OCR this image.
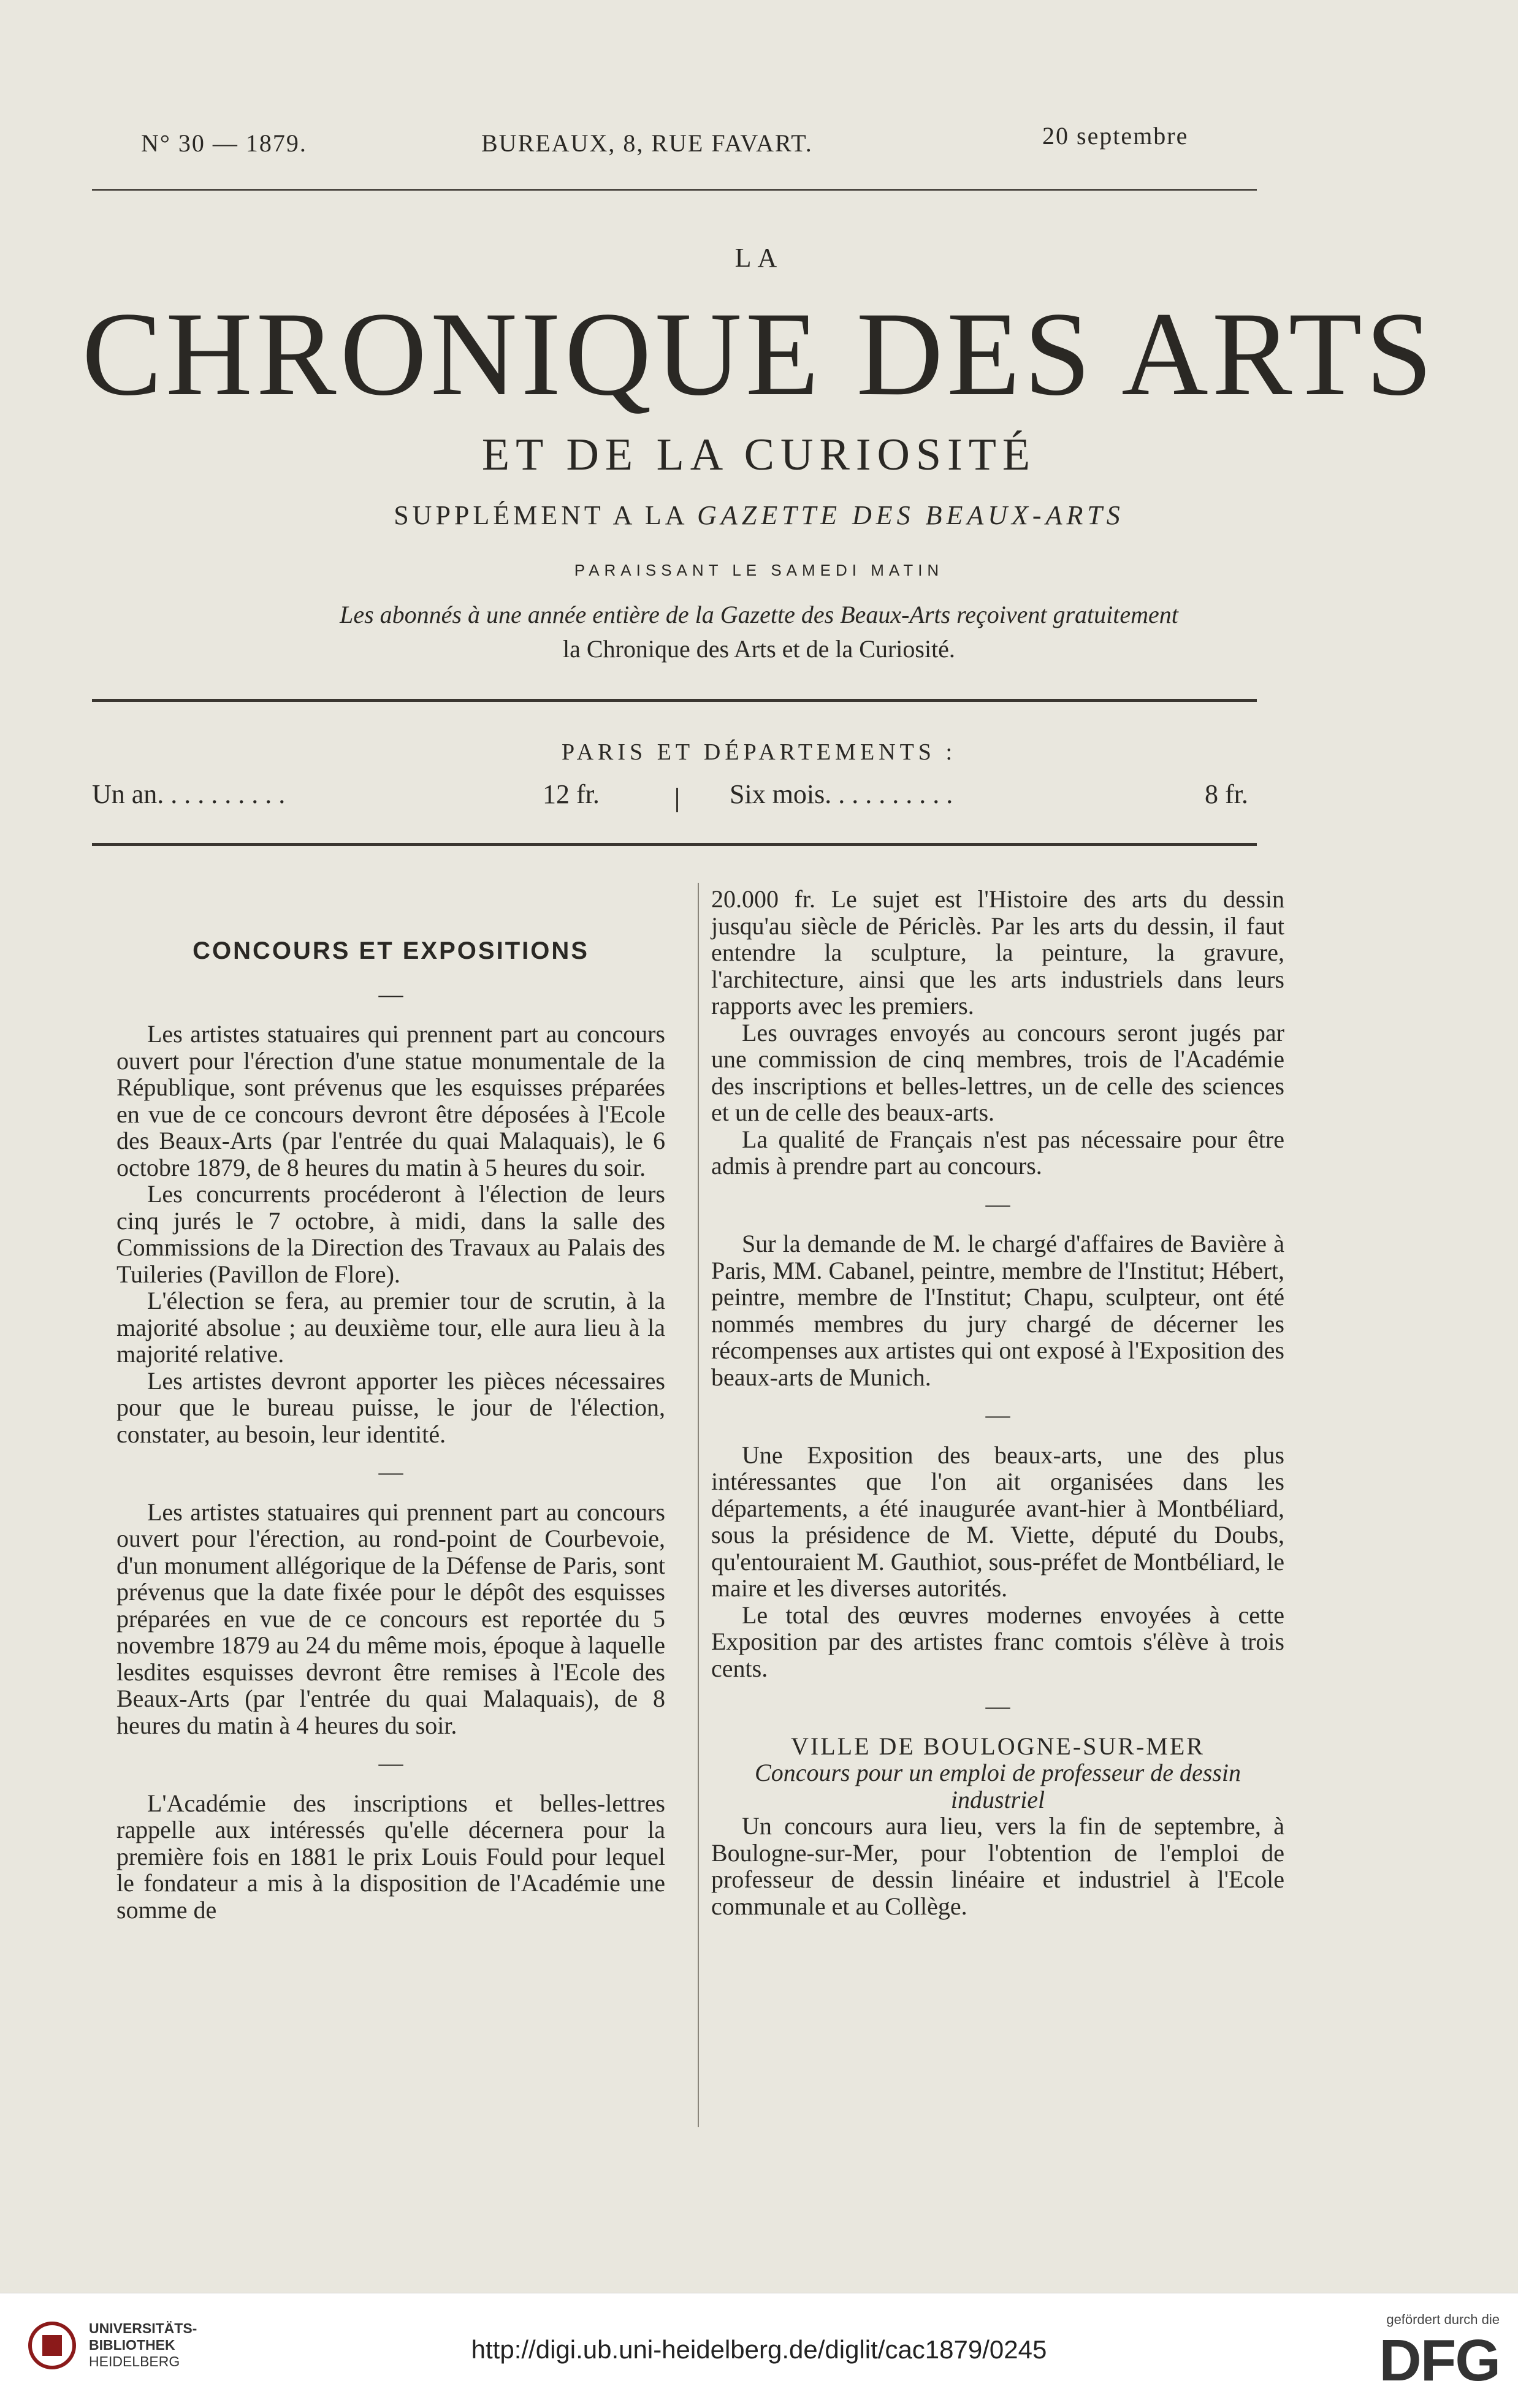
N° 30 — 1879.	BUREAUX, 8, RUE FAVART.	20 septembre
LA
CHRONIQUE DES ARTS
ET DE LA CURIOSITÉ
SUPPLÉMENT A LA GAZETTE DES BEAUX-ARTS
PARAISSANT LE SAMEDI MATIN
Les abonnés à une année entière de la Gazette des Beaux-Arts reçoivent gratuitement
la Chronique des Arts et de la Curiosité.
PARIS ET DÉPARTEMENTS :
Un an. . . . . . . . . .	12 fr.	Six mois. . . . . . . . . .	8 fr.
CONCOURS ET EXPOSITIONS
—

Les artistes statuaires qui prennent part au concours ouvert pour l'érection d'une statue monumentale de la République, sont prévenus que les esquisses préparées en vue de ce concours devront être déposées à l'Ecole des Beaux-Arts (par l'entrée du quai Malaquais), le 6 octobre 1879, de 8 heures du matin à 5 heures du soir.

Les concurrents procéderont à l'élection de leurs cinq jurés le 7 octobre, à midi, dans la salle des Commissions de la Direction des Travaux au Palais des Tuileries (Pavillon de Flore).

L'élection se fera, au premier tour de scrutin, à la majorité absolue ; au deuxième tour, elle aura lieu à la majorité relative.

Les artistes devront apporter les pièces nécessaires pour que le bureau puisse, le jour de l'élection, constater, au besoin, leur identité.

—

Les artistes statuaires qui prennent part au concours ouvert pour l'érection, au rond-point de Courbevoie, d'un monument allégorique de la Défense de Paris, sont prévenus que la date fixée pour le dépôt des esquisses préparées en vue de ce concours est reportée du 5 novembre 1879 au 24 du même mois, époque à laquelle lesdites esquisses devront être remises à l'Ecole des Beaux-Arts (par l'entrée du quai Malaquais), de 8 heures du matin à 4 heures du soir.

—

L'Académie des inscriptions et belles-lettres rappelle aux intéressés qu'elle décernera pour la première fois en 1881 le prix Louis Fould pour lequel le fondateur a mis à la disposition de l'Académie une somme de

20.000 fr. Le sujet est l'Histoire des arts du dessin jusqu'au siècle de Périclès. Par les arts du dessin, il faut entendre la sculpture, la peinture, la gravure, l'architecture, ainsi que les arts industriels dans leurs rapports avec les premiers.

Les ouvrages envoyés au concours seront jugés par une commission de cinq membres, trois de l'Académie des inscriptions et belles-lettres, un de celle des sciences et un de celle des beaux-arts.

La qualité de Français n'est pas nécessaire pour être admis à prendre part au concours.

—

Sur la demande de M. le chargé d'affaires de Bavière à Paris, MM. Cabanel, peintre, membre de l'Institut; Hébert, peintre, membre de l'Institut; Chapu, sculpteur, ont été nommés membres du jury chargé de décerner les récompenses aux artistes qui ont exposé à l'Exposition des beaux-arts de Munich.

—

Une Exposition des beaux-arts, une des plus intéressantes que l'on ait organisées dans les départements, a été inaugurée avant-hier à Montbéliard, sous la présidence de M. Viette, député du Doubs, qu'entouraient M. Gauthiot, sous-préfet de Montbéliard, le maire et les diverses autorités.

Le total des œuvres modernes envoyées à cette Exposition par des artistes franc comtois s'élève à trois cents.

—

VILLE DE BOULOGNE-SUR-MER

Concours pour un emploi de professeur de dessin industriel

Un concours aura lieu, vers la fin de septembre, à Boulogne-sur-Mer, pour l'obtention de l'emploi de professeur de dessin linéaire et industriel à l'Ecole communale et au Collège.

UNIVERSITÄTS-
BIBLIOTHEK
HEIDELBERG	http://digi.ub.uni-heidelberg.de/diglit/cac1879/0245
gefördert durch die
DFG
